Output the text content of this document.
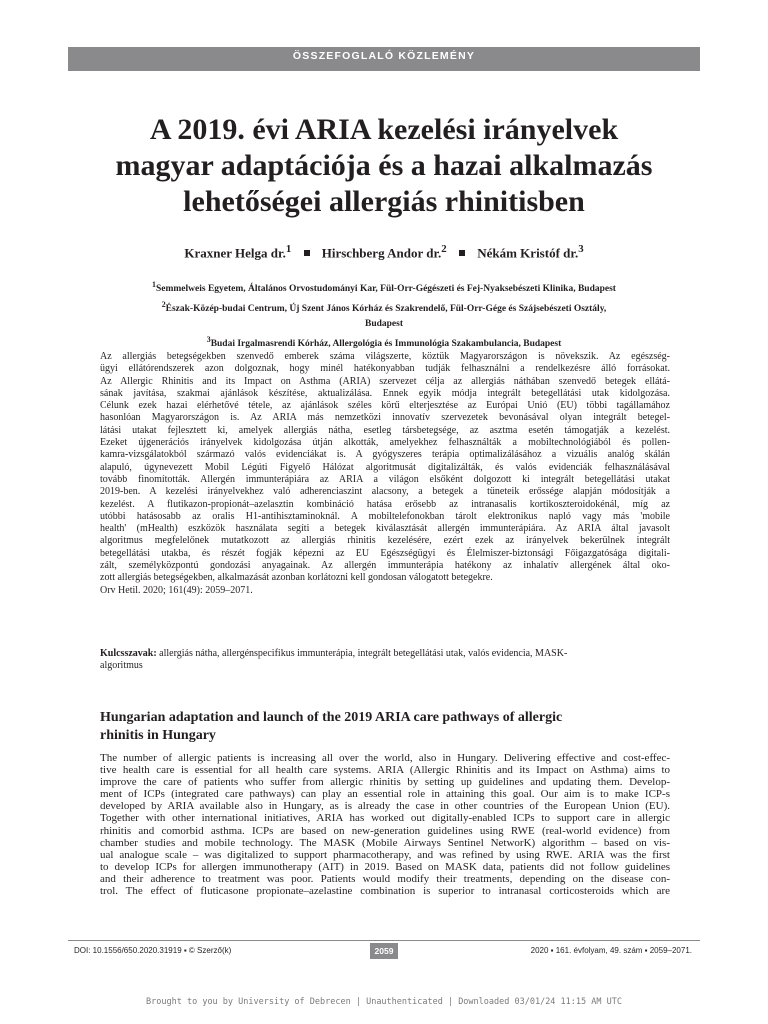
ÖSSZEFOGLALÓ KÖZLEMÉNY
A 2019. évi ARIA kezelési irányelvek
magyar adaptációja és a hazai alkalmazás
lehetőségei allergiás rhinitisben
Kraxner Helga dr.$^1$ Hirschberg Andor dr.$^2$ Nékám Kristóf dr.$^3$
$^1$Semmelweis Egyetem, Általános Orvostudományi Kar, Fül-Orr-Gégészeti és Fej-Nyaksebészeti Klinika, Budapest
$^2$Észak-Közép-budai Centrum, Új Szent János Kórház és Szakrendelő, Fül-Orr-Gége és Szájsebészeti Osztály,
Budapest
$^3$Budai Irgalmasrendi Kórház, Allergológia és Immunológia Szakambulancia, Budapest
Az allergiás betegségekben szenvedő emberek száma világszerte, köztük Magyarországon is növekszik. Az egészség-
ügyi ellátórendszerek azon dolgoznak, hogy minél hatékonyabban tudják felhasználni a rendelkezésre álló forrásokat.
Az Allergic Rhinitis and its Impact on Asthma (ARIA) szervezet célja az allergiás náthában szenvedő betegek ellátá-
sának javítása, szakmai ajánlások készítése, aktualizálása. Ennek egyik módja integrált betegellátási utak kidolgozása.
Célunk ezek hazai elérhetővé tétele, az ajánlások széles körű elterjesztése az Európai Unió (EU) többi tagállamához
hasonlóan Magyarországon is. Az ARIA más nemzetközi innovatív szervezetek bevonásával olyan integrált betegel-
látási utakat fejlesztett ki, amelyek allergiás nátha, esetleg társbetegsége, az asztma esetén támogatják a kezelést.
Ezeket újgenerációs irányelvek kidolgozása útján alkották, amelyekhez felhasználták a mobiltechnológiából és pollen-
kamra-vizsgálatokból származó valós evidenciákat is. A gyógyszeres terápia optimalizálásához a vizuális analóg skálán
alapuló, úgynevezett Mobil Légúti Figyelő Hálózat algoritmusát digitalizálták, és valós evidenciák felhasználásával
tovább finomították. Allergén immunterápiára az ARIA a világon elsőként dolgozott ki integrált betegellátási utakat
2019-ben. A kezelési irányelvekhez való adherenciaszint alacsony, a betegek a tüneteik erőssége alapján módosítják a
kezelést. A flutikazon-propionát–azelasztin kombináció hatása erősebb az intranasalis kortikoszteroidokénál, míg az
utóbbi hatásosabb az oralis H1-antihisztaminoknál. A mobiltelefonokban tárolt elektronikus napló vagy más 'mobile
health' (mHealth) eszközök használata segíti a betegek kiválasztását allergén immunterápiára. Az ARIA által javasolt
algoritmus megfelelőnek mutatkozott az allergiás rhinitis kezelésére, ezért ezek az irányelvek bekerülnek integrált
betegellátási utakba, és részét fogják képezni az EU Egészségügyi és Élelmiszer-biztonsági Főigazgatósága digitali-
zált, személyközpontú gondozási anyagainak. Az allergén immunterápia hatékony az inhalatív allergének által oko-
zott allergiás betegségekben, alkalmazását azonban korlátozni kell gondosan válogatott betegekre.
Orv Hetil. 2020; 161(49): 2059–2071.
Kulcsszavak: allergiás nátha, allergénspecifikus immunterápia, integrált betegellátási utak, valós evidencia, MASK-
algoritmus
Hungarian adaptation and launch of the 2019 ARIA care pathways of allergic
rhinitis in Hungary
The number of allergic patients is increasing all over the world, also in Hungary. Delivering effective and cost-effec-
tive health care is essential for all health care systems. ARIA (Allergic Rhinitis and its Impact on Asthma) aims to
improve the care of patients who suffer from allergic rhinitis by setting up guidelines and updating them. Develop-
ment of ICPs (integrated care pathways) can play an essential role in attaining this goal. Our aim is to make ICP-s
developed by ARIA available also in Hungary, as is already the case in other countries of the European Union (EU).
Together with other international initiatives, ARIA has worked out digitally-enabled ICPs to support care in allergic
rhinitis and comorbid asthma. ICPs are based on new-generation guidelines using RWE (real-world evidence) from
chamber studies and mobile technology. The MASK (Mobile Airways Sentinel NetworK) algorithm – based on vis-
ual analogue scale – was digitalized to support pharmacotherapy, and was refined by using RWE. ARIA was the first
to develop ICPs for allergen immunotherapy (AIT) in 2019. Based on MASK data, patients did not follow guidelines
and their adherence to treatment was poor. Patients would modify their treatments, depending on the disease con-
trol. The effect of fluticasone propionate–azelastine combination is superior to intranasal corticosteroids which are
DOI: 10.1556/650.2020.31919 ▪ © Szerző(k)	2059	2020 ▪ 161. évfolyam, 49. szám ▪ 2059–2071.
Brought to you by University of Debrecen | Unauthenticated | Downloaded 03/01/24 11:15 AM UTC
